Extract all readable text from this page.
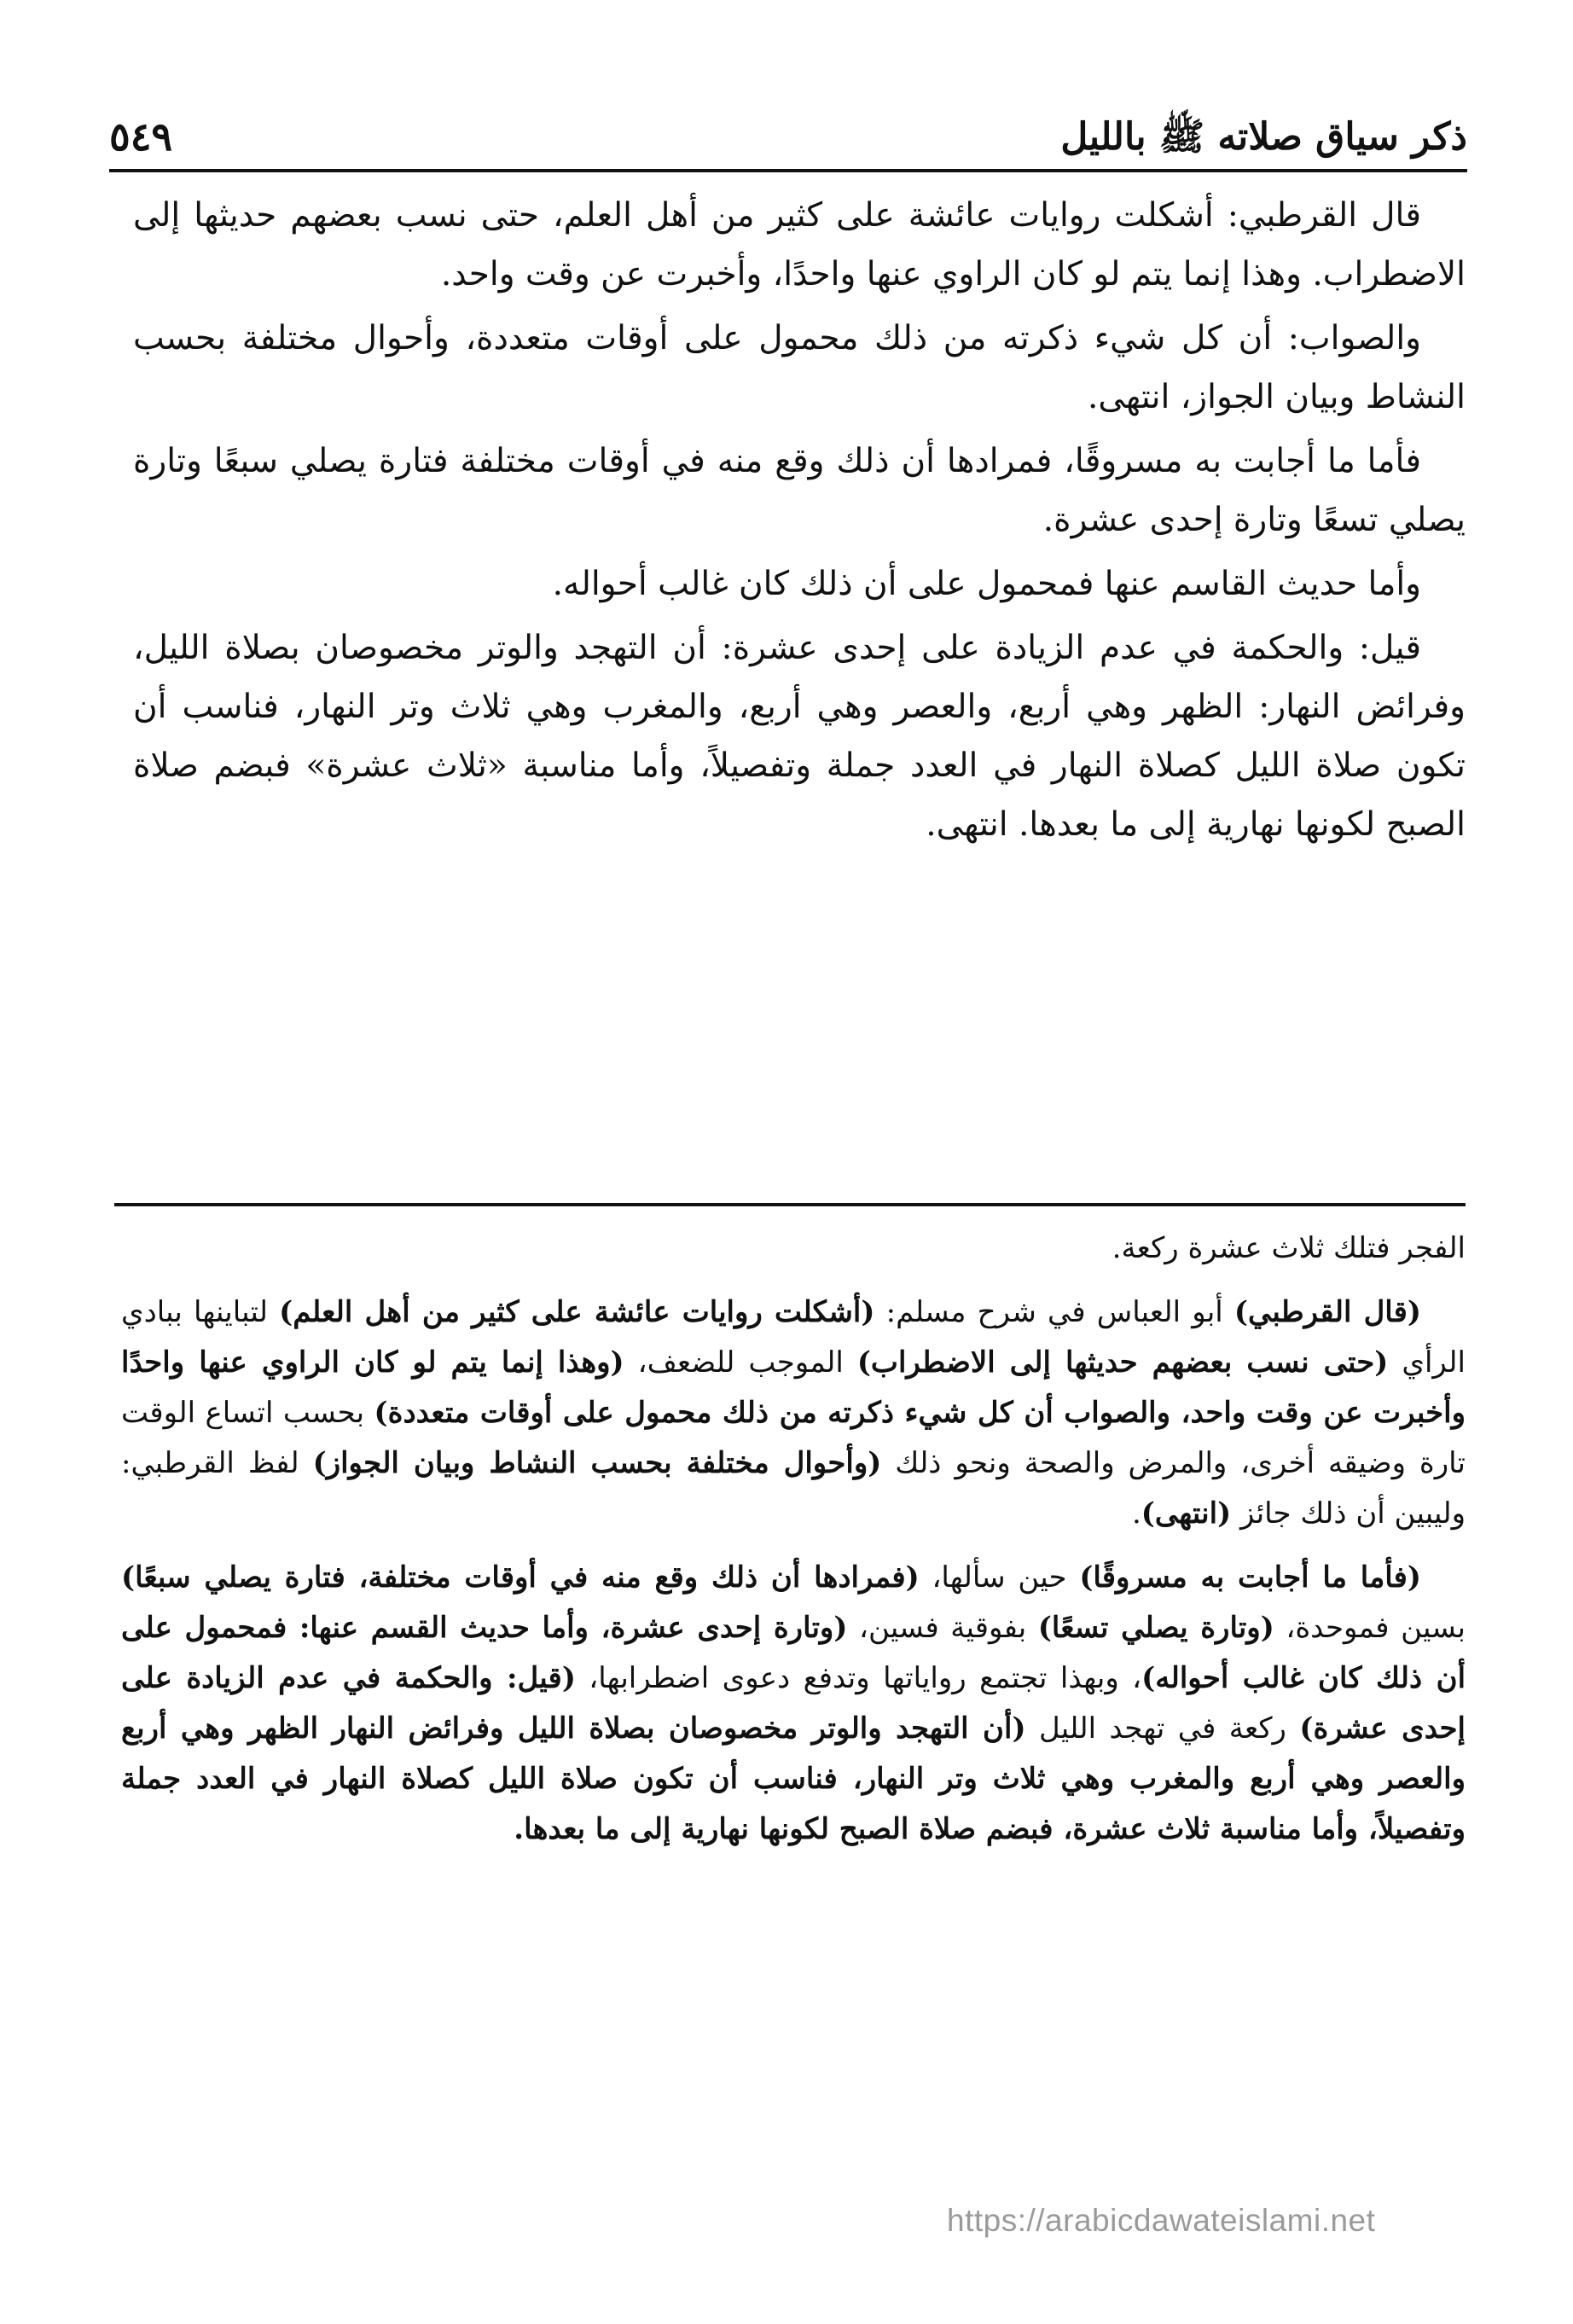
ذكر سياق صلاته ﷺ بالليل
٥٤٩

قال القرطبي: أشكلت روايات عائشة على كثير من أهل العلم، حتى نسب بعضهم حديثها إلى الاضطراب. وهذا إنما يتم لو كان الراوي عنها واحدًا، وأخبرت عن وقت واحد.

والصواب: أن كل شيء ذكرته من ذلك محمول على أوقات متعددة، وأحوال مختلفة بحسب النشاط وبيان الجواز، انتهى.

فأما ما أجابت به مسروقًا، فمرادها أن ذلك وقع منه في أوقات مختلفة فتارة يصلي سبعًا وتارة يصلي تسعًا وتارة إحدى عشرة.

وأما حديث القاسم عنها فمحمول على أن ذلك كان غالب أحواله.

قيل: والحكمة في عدم الزيادة على إحدى عشرة: أن التهجد والوتر مخصوصان بصلاة الليل، وفرائض النهار: الظهر وهي أربع، والعصر وهي أربع، والمغرب وهي ثلاث وتر النهار، فناسب أن تكون صلاة الليل كصلاة النهار في العدد جملة وتفصيلاً، وأما مناسبة «ثلاث عشرة» فبضم صلاة الصبح لكونها نهارية إلى ما بعدها. انتهى.

الفجر فتلك ثلاث عشرة ركعة.

(قال القرطبي) أبو العباس في شرح مسلم: (أشكلت روايات عائشة على كثير من أهل العلم) لتباينها ببادي الرأي (حتى نسب بعضهم حديثها إلى الاضطراب) الموجب للضعف، (وهذا إنما يتم لو كان الراوي عنها واحدًا وأخبرت عن وقت واحد، والصواب أن كل شيء ذكرته من ذلك محمول على أوقات متعددة) بحسب اتساع الوقت تارة وضيقه أخرى، والمرض والصحة ونحو ذلك (وأحوال مختلفة بحسب النشاط وبيان الجواز) لفظ القرطبي: وليبين أن ذلك جائز (انتهى).

(فأما ما أجابت به مسروقًا) حين سألها، (فمرادها أن ذلك وقع منه في أوقات مختلفة، فتارة يصلي سبعًا) بسين فموحدة، (وتارة يصلي تسعًا) بفوقية فسين، (وتارة إحدى عشرة، وأما حديث القسم عنها: فمحمول على أن ذلك كان غالب أحواله)، وبهذا تجتمع رواياتها وتدفع دعوى اضطرابها، (قيل: والحكمة في عدم الزيادة على إحدى عشرة) ركعة في تهجد الليل (أن التهجد والوتر مخصوصان بصلاة الليل وفرائض النهار الظهر وهي أربع والعصر وهي أربع والمغرب وهي ثلاث وتر النهار، فناسب أن تكون صلاة الليل كصلاة النهار في العدد جملة وتفصيلاً، وأما مناسبة ثلاث عشرة، فبضم صلاة الصبح لكونها نهارية إلى ما بعدها.

https://arabicdawateislami.net
